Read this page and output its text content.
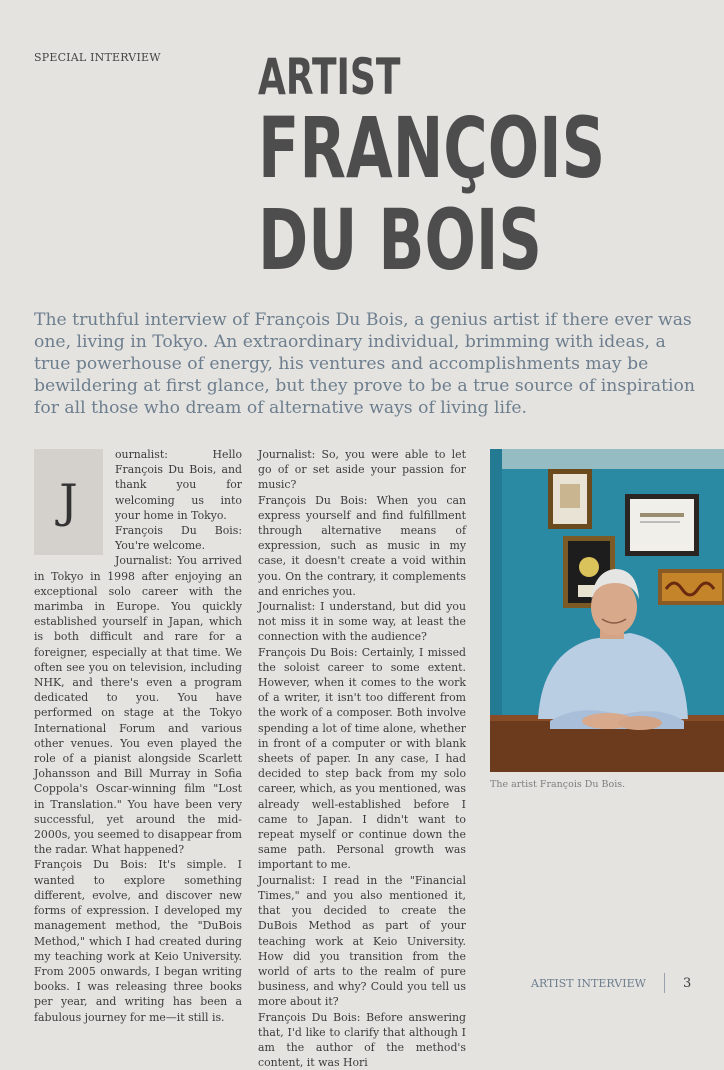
SPECIAL INTERVIEW ARTIST
FRANÇOIS
DU BOIS

The truthful interview of François Du Bois, a genius artist if there ever was one, living in Tokyo. An extraordinary individual, brimming with ideas, a true powerhouse of energy, his ventures and accomplishments may be bewildering at first glance, but they prove to be a true source of inspiration for all those who dream of alternative ways of living life.

J

ournalist: Hello François Du Bois, and thank you for welcoming us into your home in Tokyo.

François Du Bois: You're welcome.

Journalist: You arrived in Tokyo in 1998 after enjoying an exceptional solo career with the marimba in Europe. You quickly established yourself in Japan, which is both difficult and rare for a foreigner, especially at that time. We often see you on television, including NHK, and there's even a program dedicated to you. You have performed on stage at the Tokyo International Forum and various other venues. You even played the role of a pianist alongside Scarlett Johansson and Bill Murray in Sofia Coppola's Oscar-winning film "Lost in Translation." You have been very successful, yet around the mid-2000s, you seemed to disappear from the radar. What happened?

François Du Bois: It's simple. I wanted to explore something different, evolve, and discover new forms of expression. I developed my management method, the "DuBois Method," which I had created during my teaching work at Keio University. From 2005 onwards, I began writing books. I was releasing three books per year, and writing has been a fabulous journey for me—it still is.

Journalist: So, you were able to let go of or set aside your passion for music?

François Du Bois: When you can express yourself and find fulfillment through alternative means of expression, such as music in my case, it doesn't create a void within you. On the contrary, it complements and enriches you.

Journalist: I understand, but did you not miss it in some way, at least the connection with the audience?

François Du Bois: Certainly, I missed the soloist career to some extent. However, when it comes to the work of a writer, it isn't too different from the work of a composer. Both involve spending a lot of time alone, whether in front of a computer or with blank sheets of paper. In any case, I had decided to step back from my solo career, which, as you mentioned, was already well-established before I came to Japan. I didn't want to repeat myself or continue down the same path. Personal growth was important to me.

Journalist: I read in the "Financial Times," and you also mentioned it, that you decided to create the DuBois Method as part of your teaching work at Keio University. How did you transition from the world of arts to the realm of pure business, and why? Could you tell us more about it?

François Du Bois: Before answering that, I'd like to clarify that although I am the author of the method's content, it was Hori

The artist François Du Bois.
ARTIST INTERVIEW	3
